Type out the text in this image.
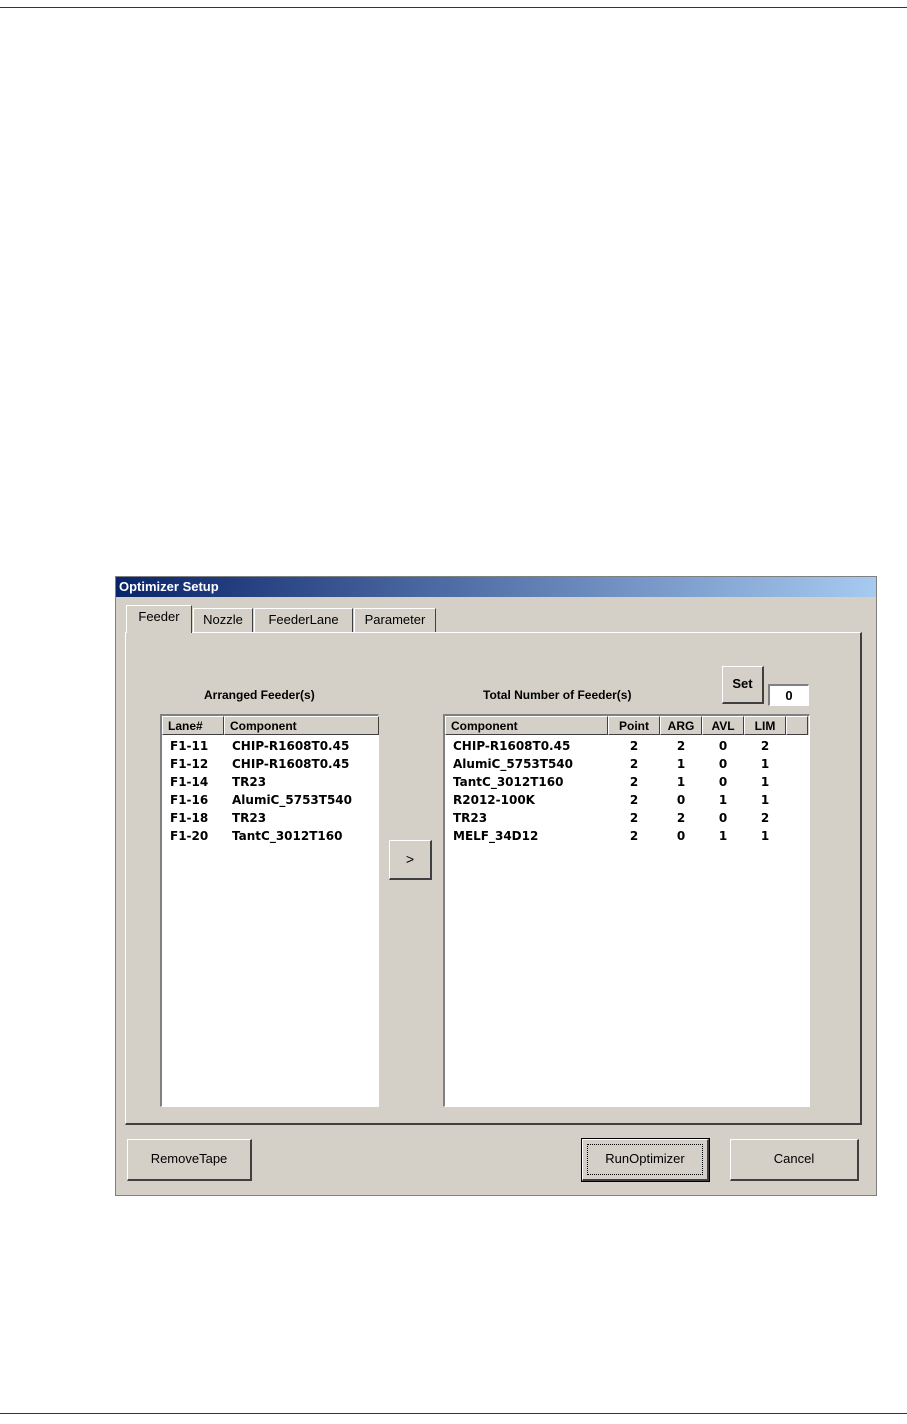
Optimizer Setup
Feeder	Nozzle	FeederLane	Parameter
Arranged Feeder(s)
Lane#	Component
F1-11 CHIP-R1608T0.45
F1-12 CHIP-R1608T0.45
F1-14 TR23
F1-16 AlumiC_5753T540
F1-18 TR23
F1-20 TantC_3012T160
>
Total Number of Feeder(s)
Set
0
Component	Point	ARG	AVL	LIM
CHIP-R1608T0.45	2	2	0	2
AlumiC_5753T540	2	1	0	1
TantC_3012T160	2	1	0	1
R2012-100K	2	0	1	1
TR23	2	2	0	2
MELF_34D12	2	0	1	1
RemoveTape	RunOptimizer	Cancel
